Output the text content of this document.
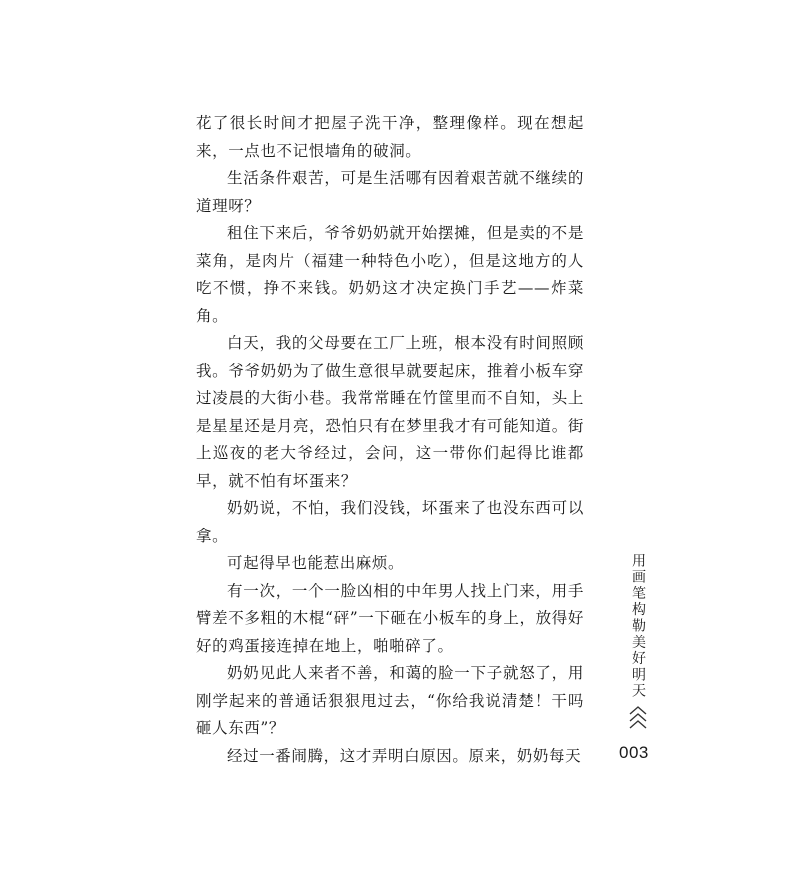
花了很长时间才把屋子洗干净，整理像样。现在想起来，一点也不记恨墙角的破洞。

生活条件艰苦，可是生活哪有因着艰苦就不继续的道理呀？

租住下来后，爷爷奶奶就开始摆摊，但是卖的不是菜角，是肉片（福建一种特色小吃），但是这地方的人吃不惯，挣不来钱。奶奶这才决定换门手艺——炸菜角。

白天，我的父母要在工厂上班，根本没有时间照顾我。爷爷奶奶为了做生意很早就要起床，推着小板车穿过凌晨的大街小巷。我常常睡在竹筐里而不自知，头上是星星还是月亮，恐怕只有在梦里我才有可能知道。街上巡夜的老大爷经过，会问，这一带你们起得比谁都早，就不怕有坏蛋来？

奶奶说，不怕，我们没钱，坏蛋来了也没东西可以拿。

可起得早也能惹出麻烦。

有一次，一个一脸凶相的中年男人找上门来，用手臂差不多粗的木棍“砰”一下砸在小板车的身上，放得好好的鸡蛋接连掉在地上，啪啪碎了。

奶奶见此人来者不善，和蔼的脸一下子就怒了，用刚学起来的普通话狠狠甩过去，“你给我说清楚！干吗砸人东西”？

经过一番闹腾，这才弄明白原因。原来，奶奶每天

用画笔构勒美好明天
003
